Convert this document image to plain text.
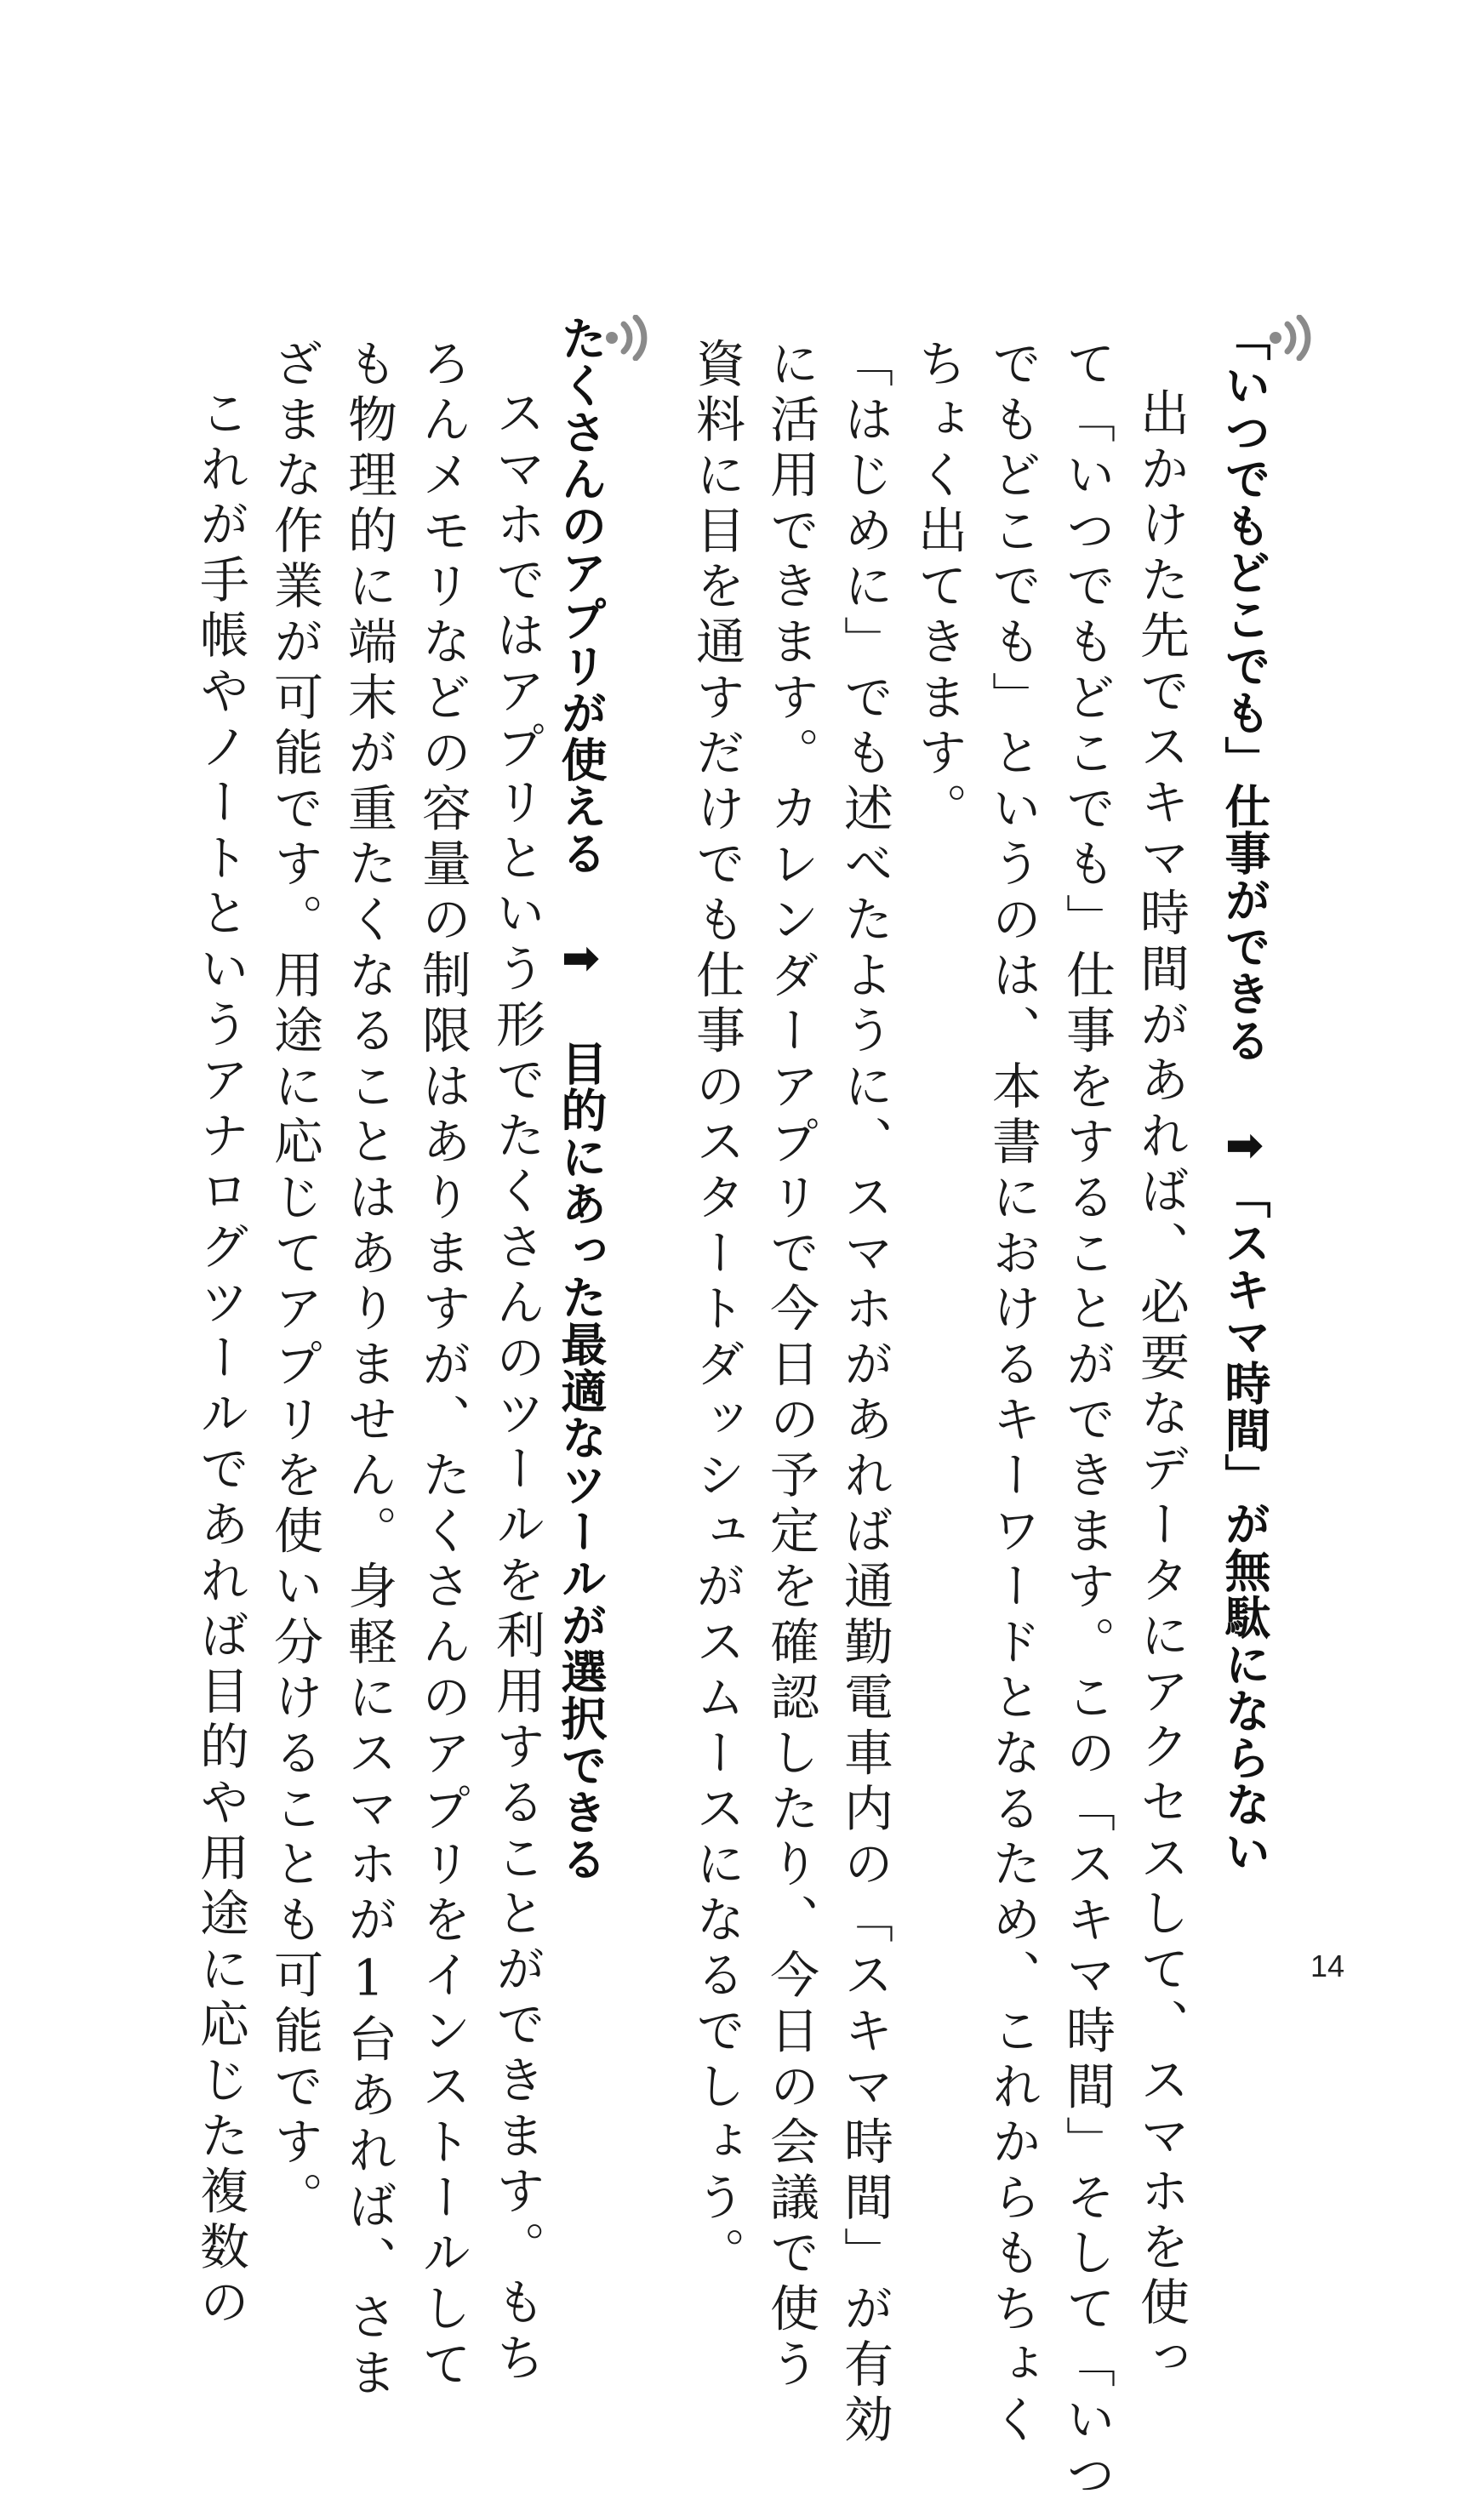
「いつでもどこでも」仕事ができる ➡「スキマ時間」が無駄にならない
出かけた先でスキマ時間があれば、必要なデータにアクセスして、スマホを使っ
て「いつでもどこでも」仕事をすることができます。この「スキマ時間」そして「いつ
でもどこでも」というのは、本書におけるキーワードとなるため、これからもちょく
ちょく出てきます。
「はじめに」でも述べたように、スマホがあれば通勤電車内の「スキマ時間」が有効
に活用できます。カレンダーアプリで今日の予定を確認したり、今日の会議で使う
資料に目を通すだけでも仕事のスタートダッシュがスムースになるでしょう。
たくさんのアプリが使える ➡ 目的にあった最適なツールが選択できる
スマホではアプリという形でたくさんのツールを利用することができます。もち
ろんメモリなどの容量の制限はありますが、たくさんのアプリをインストールして
も物理的に端末が重たくなることはありません。身軽にスマホが1台あれば、さま
ざまな作業が可能です。用途に応じてアプリを使い分けることも可能です。
これが手帳やノートというアナログツールであれば目的や用途に応じた複数の	14
